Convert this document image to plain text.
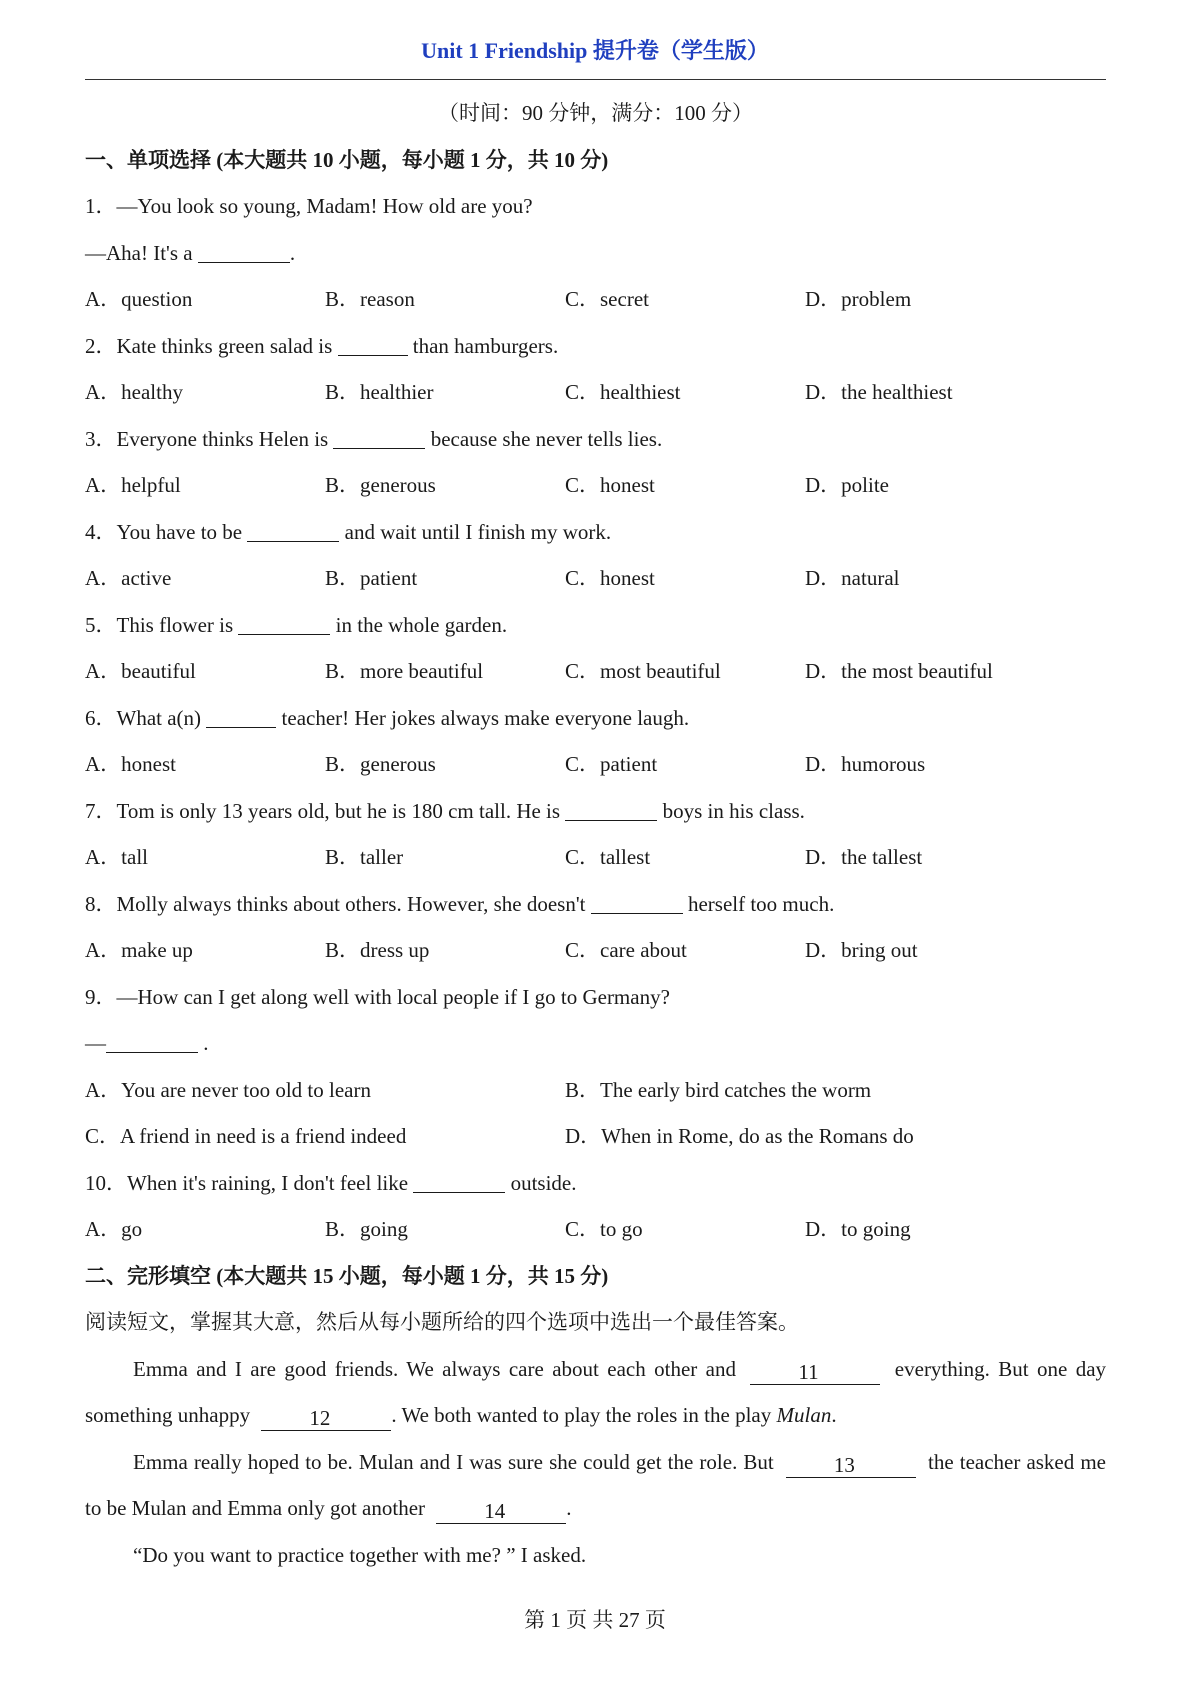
Unit 1 Friendship 提升卷（学生版）
（时间：90 分钟，满分：100 分）
一、单项选择 (本大题共 10 小题，每小题 1 分，共 10 分)
1．—You look so young, Madam! How old are you?
—Aha! It's a	.
A．question	B．reason	C．secret	D．problem
2．Kate thinks green salad is	than hamburgers.
A．healthy	B．healthier	C．healthiest	D．the healthiest
3．Everyone thinks Helen is	because she never tells lies.
A．helpful	B．generous	C．honest	D．polite
4．You have to be	and wait until I finish my work.
A．active	B．patient	C．honest	D．natural
5．This flower is	in the whole garden.
A．beautiful	B．more beautiful	C．most beautiful	D．the most beautiful
6．What a(n)	teacher! Her jokes always make everyone laugh.
A．honest	B．generous	C．patient	D．humorous
7．Tom is only 13 years old, but he is 180 cm tall. He is	boys in his class.
A．tall	B．taller	C．tallest	D．the tallest
8．Molly always thinks about others. However, she doesn't	herself too much.
A．make up	B．dress up	C．care about	D．bring out
9．—How can I get along well with local people if I go to Germany?
—	.
A．You are never too old to learn	B．The early bird catches the worm
C．A friend in need is a friend indeed	D．When in Rome, do as the Romans do
10．When it's raining, I don't feel like	outside.
A．go	B．going	C．to go	D．to going
二、完形填空 (本大题共 15 小题，每小题 1 分，共 15 分)
阅读短文，掌握其大意，然后从每小题所给的四个选项中选出一个最佳答案。

Emma and I are good friends. We always care about each other and	11	everything. But one day something unhappy	12	. We both wanted to play the roles in the play Mulan.

Emma really hoped to be. Mulan and I was sure she could get the role. But	13	the teacher asked me to be Mulan and Emma only got another	14	.

“Do you want to practice together with me? ” I asked.

第 1 页 共 27 页
